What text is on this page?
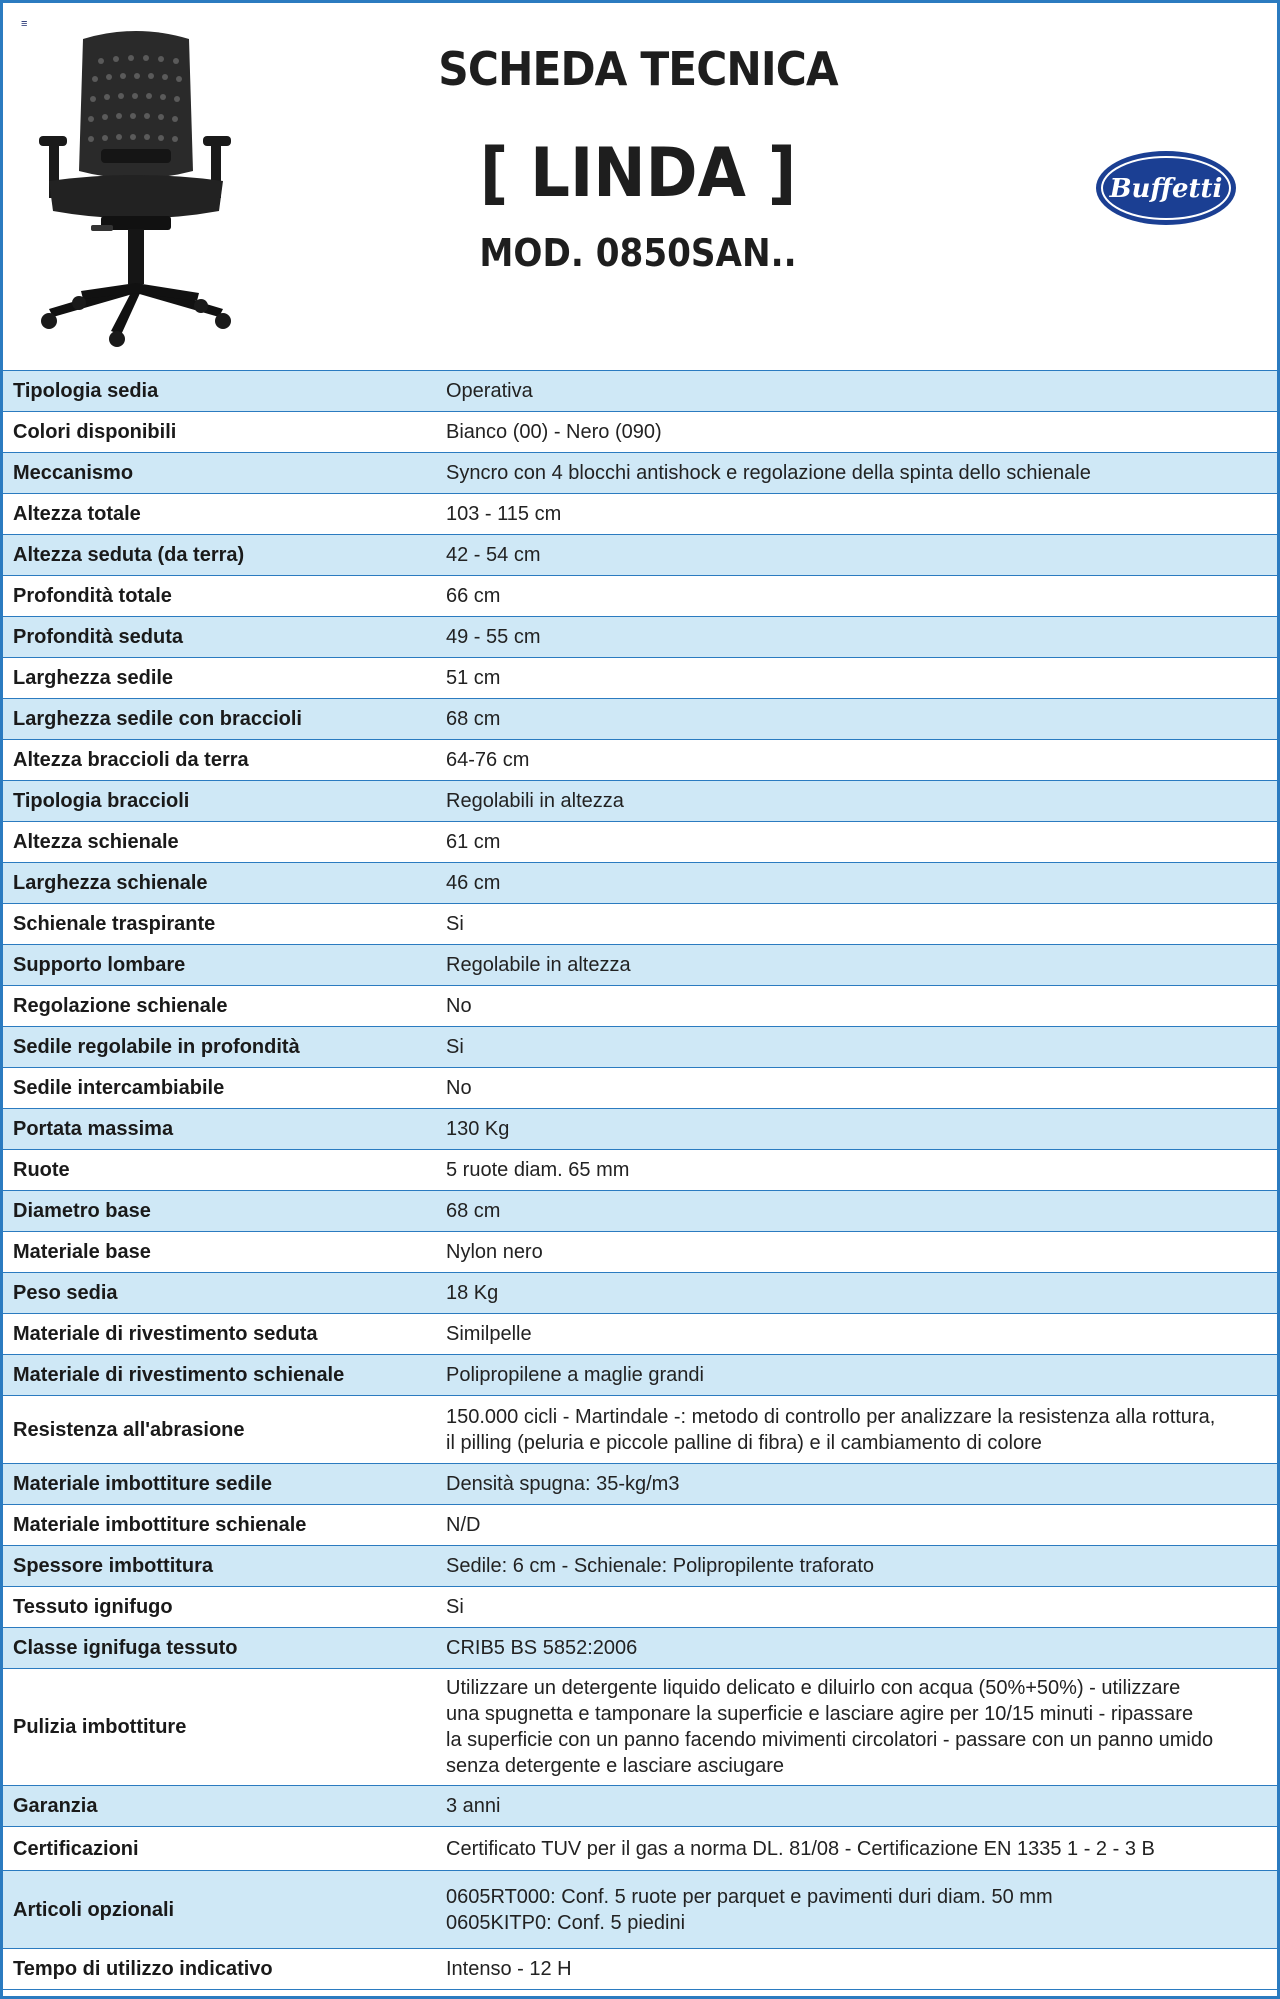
≡
SCHEDA TECNICA
[ LINDA ]
MOD. 0850SAN..
Buffetti
Tipologia sedia	Operativa

Colori disponibili	Bianco (00) - Nero (090)

Meccanismo	Syncro con 4 blocchi antishock e regolazione della spinta dello schienale

Altezza totale	103 - 115 cm

Altezza seduta (da terra)	42 - 54 cm

Profondità totale	66 cm

Profondità seduta	49 - 55 cm

Larghezza sedile	51 cm

Larghezza sedile con braccioli	68 cm

Altezza braccioli da terra	64-76 cm

Tipologia braccioli	Regolabili in altezza

Altezza schienale	61 cm

Larghezza schienale	46 cm

Schienale traspirante	Si

Supporto lombare	Regolabile in altezza

Regolazione schienale	No

Sedile regolabile in profondità	Si

Sedile intercambiabile	No

Portata massima	130 Kg

Ruote	5 ruote diam. 65 mm

Diametro base	68 cm

Materiale base	Nylon nero

Peso sedia	18 Kg

Materiale di rivestimento seduta	Similpelle

Materiale di rivestimento schienale	Polipropilene a maglie grandi

Resistenza all'abrasione	150.000 cicli - Martindale -: metodo di controllo per analizzare la resistenza alla rottura,
il pilling (peluria e piccole palline di fibra) e il cambiamento di colore

Materiale imbottiture sedile	Densità spugna: 35-kg/m3

Materiale imbottiture schienale	N/D

Spessore imbottitura	Sedile: 6 cm - Schienale: Polipropilente traforato

Tessuto ignifugo	Si

Classe ignifuga tessuto	CRIB5 BS 5852:2006

Pulizia imbottiture	Utilizzare un detergente liquido delicato e diluirlo con acqua (50%+50%) - utilizzare
una spugnetta e tamponare la superficie e lasciare agire per 10/15 minuti - ripassare
la superficie con un panno facendo mivimenti circolatori - passare con un panno umido
senza detergente e lasciare asciugare

Garanzia	3 anni

Certificazioni	Certificato TUV per il gas a norma DL. 81/08 - Certificazione EN 1335 1 - 2 - 3 B

Articoli opzionali	0605RT000: Conf. 5 ruote per parquet e pavimenti duri diam. 50 mm
0605KITP0: Conf. 5 piedini

Tempo di utilizzo indicativo	Intenso - 12 H
